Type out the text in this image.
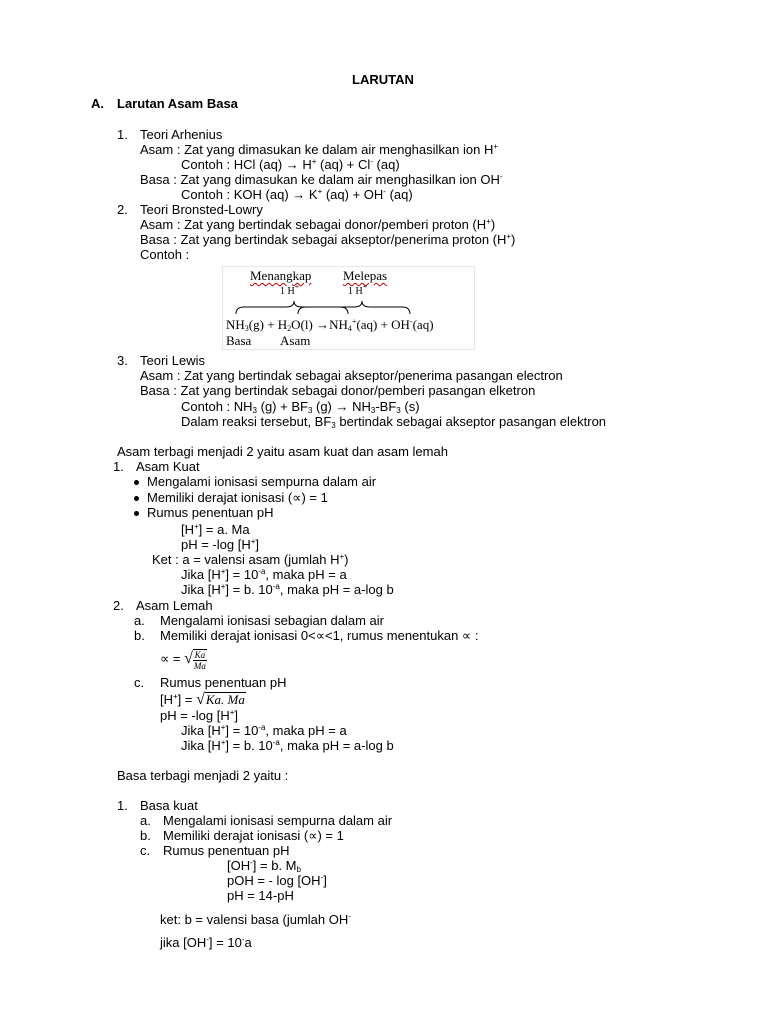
LARUTAN
A. Larutan Asam Basa
1. Teori Arhenius
Asam : Zat yang dimasukan ke dalam air menghasilkan ion H+
Contoh : HCl (aq) → H+ (aq) + Cl- (aq)
Basa : Zat yang dimasukan ke dalam air menghasilkan ion OH-
Contoh : KOH (aq) → K+ (aq) + OH- (aq)
2. Teori Bronsted-Lowry
Asam : Zat yang bertindak sebagai donor/pemberi proton (H+)
Basa : Zat yang bertindak sebagai akseptor/penerima proton (H+)
Contoh :
Menangkap Melepas
1 H+	1 H+
$NH_3(g) + H_2O(l) \to NH_4^+(aq) + OH^-(aq)$
Basa Asam
3. Teori Lewis
Asam : Zat yang bertindak sebagai akseptor/penerima pasangan electron
Basa : Zat yang bertindak sebagai donor/pemberi pasangan elketron
Contoh : $NH_3$ $(g) + BF_3$ $(g) \to NH_3-BF_3$ (s)
Dalam reaksi tersebut, $BF_3$ bertindak sebagai akseptor pasangan elektron
Asam terbagi menjadi 2 yaitu asam kuat dan asam lemah
1. Asam Kuat
Mengalami ionisasi sempurna dalam air
Memiliki derajat ionisasi (∝) = 1
Rumus penentuan pH
[H+] = a. Ma
pH = -log [H+]
Ket : a = valensi asam (jumlah H+)
Jika $[H^+] = 10^{-a}$, maka pH = a
Jika [H+] = b. $10^{-a}$, maka pH = a-log b
2. Asam Lemah
a. Mengalami ionisasi sebagian dalam air
b. Memiliki derajat ionisasi 0<∝<1, rumus menentukan ∝ :
∝ = √ $\frac{Ka}{Ma}$
c. Rumus penentuan pH
[H+] = √Ka. Ma
pH = -log [H+]
Jika $[H^+] = 10^{-a}$, maka pH = a
Jika [H+] = b. $10^{-a}$, maka pH = a-log b
Basa terbagi menjadi 2 yaitu :
1. Basa kuat
a. Mengalami ionisasi sempurna dalam air
b. Memiliki derajat ionisasi (∝) = 1
c. Rumus penentuan pH
[OH-] = b. $M_b$
pOH = - log [OH-]
pH = 14-pH
ket: b = valensi basa (jumlah OH-
jika [OH-] = 10-a
